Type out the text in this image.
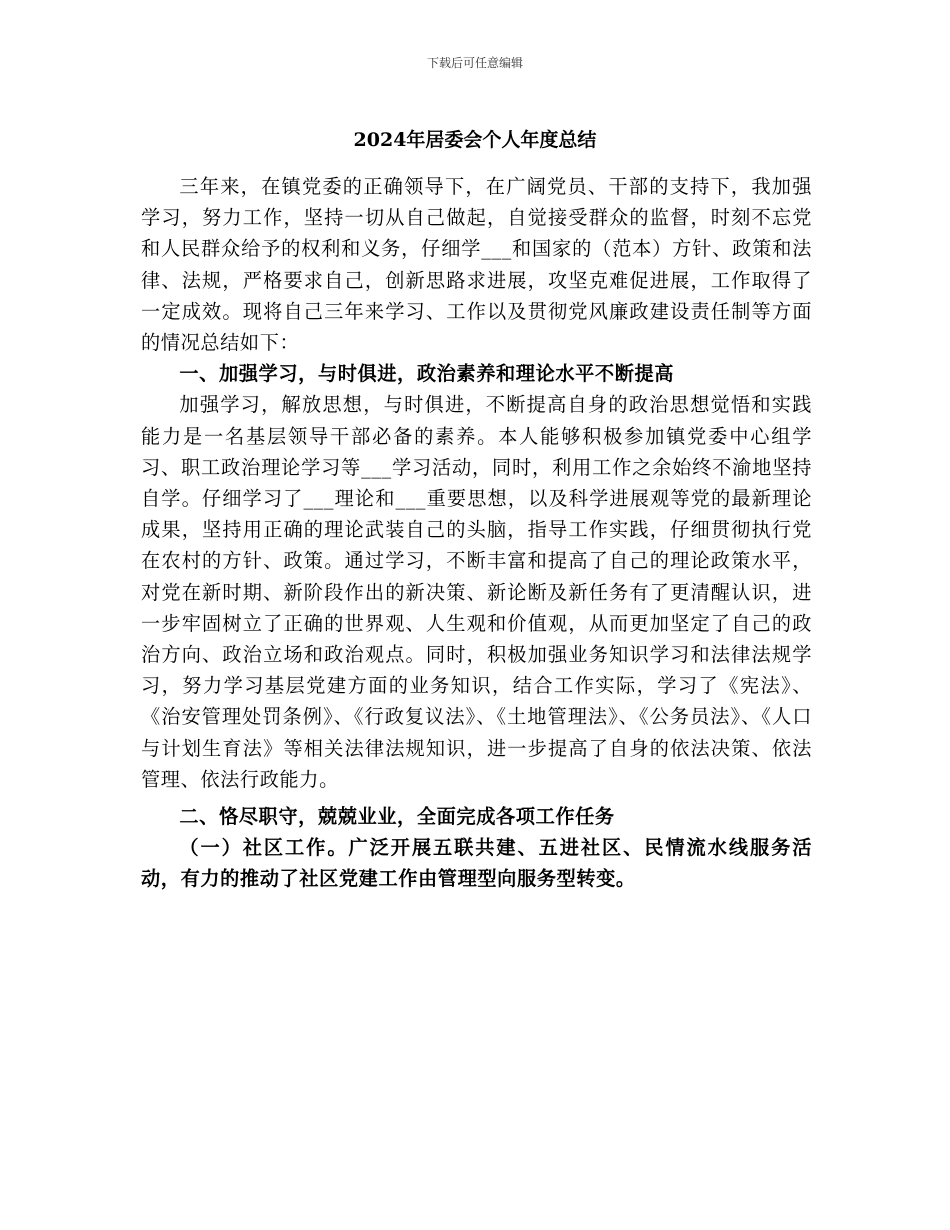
下载后可任意编辑
2024年居委会个人年度总结

三年来，在镇党委的正确领导下，在广阔党员、干部的支持下，我加强学习，努力工作，坚持一切从自己做起，自觉接受群众的监督，时刻不忘党和人民群众给予的权利和义务，仔细学___和国家的（范本）方针、政策和法律、法规，严格要求自己，创新思路求进展，攻坚克难促进展，工作取得了一定成效。现将自己三年来学习、工作以及贯彻党风廉政建设责任制等方面的情况总结如下：

一、加强学习，与时俱进，政治素养和理论水平不断提高

加强学习，解放思想，与时俱进，不断提高自身的政治思想觉悟和实践能力是一名基层领导干部必备的素养。本人能够积极参加镇党委中心组学习、职工政治理论学习等___学习活动，同时，利用工作之余始终不渝地坚持自学。仔细学习了___理论和___重要思想，以及科学进展观等党的最新理论成果，坚持用正确的理论武装自己的头脑，指导工作实践，仔细贯彻执行党在农村的方针、政策。通过学习，不断丰富和提高了自己的理论政策水平，对党在新时期、新阶段作出的新决策、新论断及新任务有了更清醒认识，进一步牢固树立了正确的世界观、人生观和价值观，从而更加坚定了自己的政治方向、政治立场和政治观点。同时，积极加强业务知识学习和法律法规学习，努力学习基层党建方面的业务知识，结合工作实际，学习了《宪法》、《治安管理处罚条例》、《行政复议法》、《土地管理法》、《公务员法》、《人口与计划生育法》等相关法律法规知识，进一步提高了自身的依法决策、依法管理、依法行政能力。

二、恪尽职守，兢兢业业，全面完成各项工作任务

（一）社区工作。广泛开展五联共建、五进社区、民情流水线服务活动，有力的推动了社区党建工作由管理型向服务型转变。
